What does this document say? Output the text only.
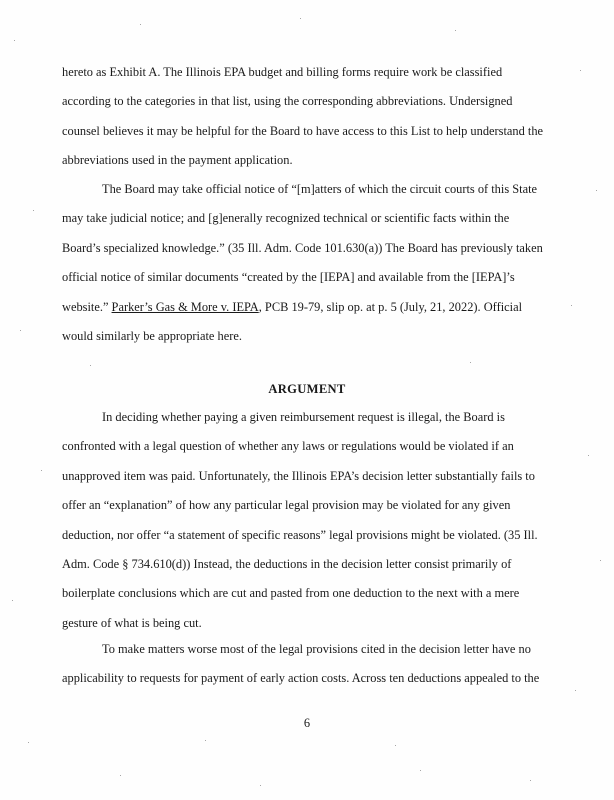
hereto as Exhibit A. The Illinois EPA budget and billing forms require work be classified
according to the categories in that list, using the corresponding abbreviations. Undersigned
counsel believes it may be helpful for the Board to have access to this List to help understand the
abbreviations used in the payment application.
The Board may take official notice of “[m]atters of which the circuit courts of this State
may take judicial notice; and [g]enerally recognized technical or scientific facts within the
Board’s specialized knowledge.” (35 Ill. Adm. Code 101.630(a)) The Board has previously taken
official notice of similar documents “created by the [IEPA] and available from the [IEPA]’s
website.” Parker’s Gas & More v. IEPA, PCB 19-79, slip op. at p. 5 (July, 21, 2022). Official
would similarly be appropriate here.
ARGUMENT
In deciding whether paying a given reimbursement request is illegal, the Board is
confronted with a legal question of whether any laws or regulations would be violated if an
unapproved item was paid. Unfortunately, the Illinois EPA’s decision letter substantially fails to
offer an “explanation” of how any particular legal provision may be violated for any given
deduction, nor offer “a statement of specific reasons” legal provisions might be violated. (35 Ill.
Adm. Code § 734.610(d)) Instead, the deductions in the decision letter consist primarily of
boilerplate conclusions which are cut and pasted from one deduction to the next with a mere
gesture of what is being cut.
To make matters worse most of the legal provisions cited in the decision letter have no
applicability to requests for payment of early action costs. Across ten deductions appealed to the
6
